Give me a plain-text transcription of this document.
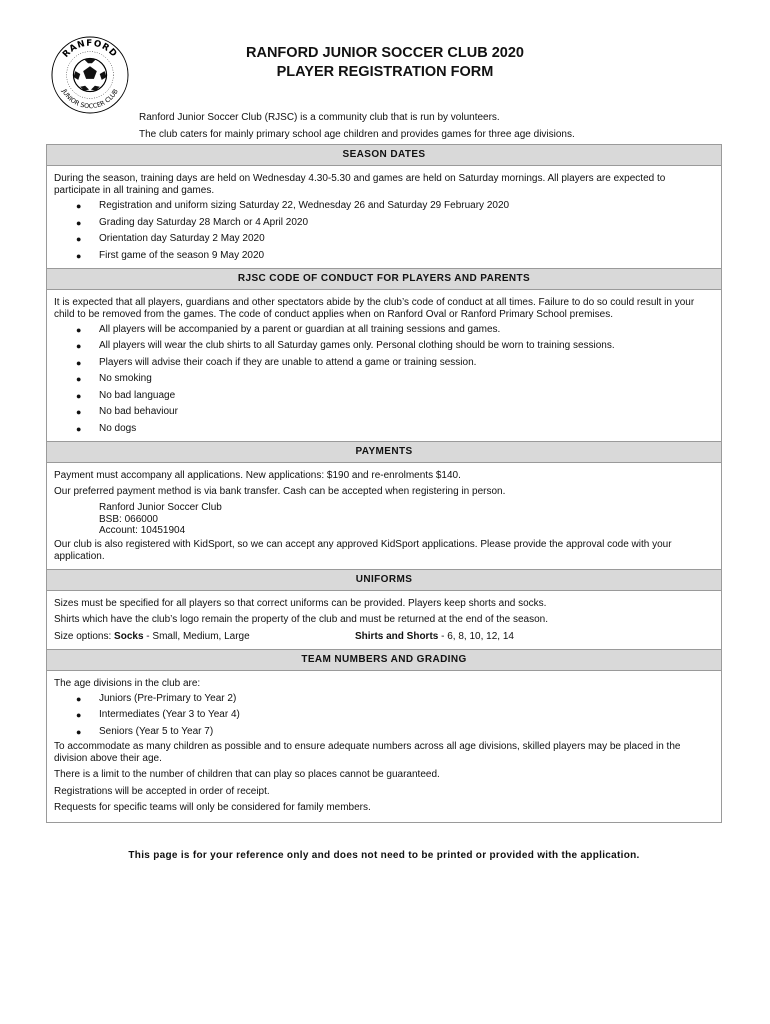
RANFORD
JUNIOR SOCCER CLUB
RANFORD JUNIOR SOCCER CLUB 2020
PLAYER REGISTRATION FORM
Ranford Junior Soccer Club (RJSC) is a community club that is run by volunteers.
The club caters for mainly primary school age children and provides games for three age divisions.
SEASON DATES

During the season, training days are held on Wednesday 4.30-5.30 and games are held on Saturday mornings. All players are expected to participate in all training and games.

● Registration and uniform sizing Saturday 22, Wednesday 26 and Saturday 29 February 2020
● Grading day Saturday 28 March or 4 April 2020
● Orientation day Saturday 2 May 2020
● First game of the season 9 May 2020
RJSC CODE OF CONDUCT FOR PLAYERS AND PARENTS

It is expected that all players, guardians and other spectators abide by the club’s code of conduct at all times. Failure to do so could result in your child to be removed from the games. The code of conduct applies when on Ranford Oval or Ranford Primary School premises.

● All players will be accompanied by a parent or guardian at all training sessions and games.
● All players will wear the club shirts to all Saturday games only. Personal clothing should be worn to training sessions.
● Players will advise their coach if they are unable to attend a game or training session.
● No smoking
● No bad language
● No bad behaviour
● No dogs
PAYMENTS

Payment must accompany all applications. New applications: $190 and re-enrolments $140.

Our preferred payment method is via bank transfer. Cash can be accepted when registering in person.

Ranford Junior Soccer Club
BSB: 066000
Account: 10451904

Our club is also registered with KidSport, so we can accept any approved KidSport applications. Please provide the approval code with your application.

UNIFORMS

Sizes must be specified for all players so that correct uniforms can be provided. Players keep shorts and socks.

Shirts which have the club’s logo remain the property of the club and must be returned at the end of the season.

Size options: Socks - Small, Medium, Large	Shirts and Shorts - 6, 8, 10, 12, 14
TEAM NUMBERS AND GRADING

The age divisions in the club are:

● Juniors (Pre-Primary to Year 2)
● Intermediates (Year 3 to Year 4)
● Seniors (Year 5 to Year 7)

To accommodate as many children as possible and to ensure adequate numbers across all age divisions, skilled players may be placed in the division above their age.

There is a limit to the number of children that can play so places cannot be guaranteed.

Registrations will be accepted in order of receipt.

Requests for specific teams will only be considered for family members.

This page is for your reference only and does not need to be printed or provided with the application.
